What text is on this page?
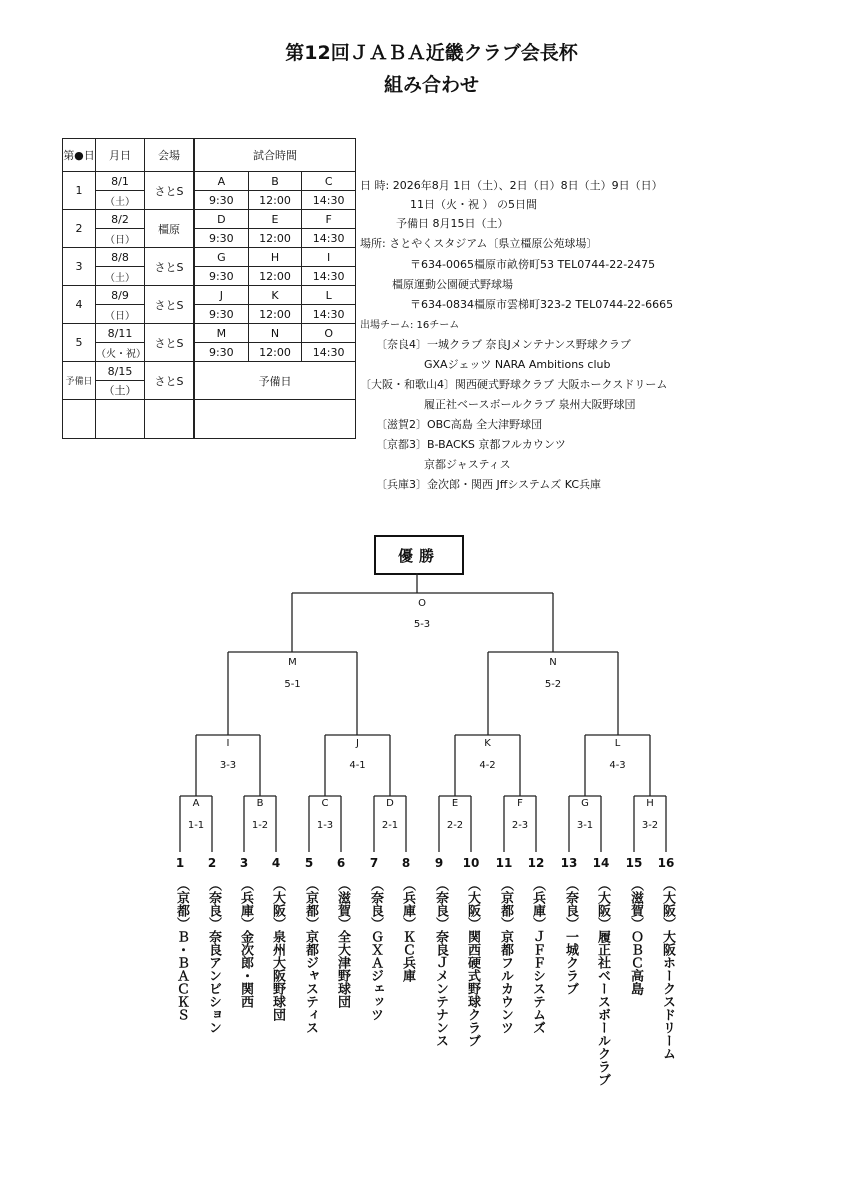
第12回ＪＡＢＡ近畿クラブ会長杯
組み合わせ
第●日	月日	会場	試合時間		
1	8/1	さとS	A	B	C
	（土）		9:30	12:00	14:30
2	8/2	橿原	D	E	F
	（日）		9:30	12:00	14:30
3	8/8	さとS	G	H	I
	（土）		9:30	12:00	14:30
4	8/9	さとS	J	K	L
	（日）		9:30	12:00	14:30
5	8/11	さとS	M	N	O
	（火・祝）		9:30	12:00	14:30
予備日	8/15	さとS	予備日		
	（土）				

日 時: 2026年8月 1日（土）、2日（日）8日（土）9日（日）
11日（火・祝 ） の5日間
予備日 8月15日（土）
場所: さとやくスタジアム〔県立橿原公苑球場〕
〒634-0065橿原市畝傍町53 TEL0744-22-2475
橿原運動公園硬式野球場
〒634-0834橿原市雲梯町323-2 TEL0744-22-6665
出場チーム: 16チーム
〔奈良4〕一城クラブ 奈良Jメンテナンス野球クラブ
GXAジェッツ NARA Ambitions club
〔大阪・和歌山4〕関西硬式野球クラブ 大阪ホークスドリーム
履正社ベースボールクラブ 泉州大阪野球団
〔滋賀2〕OBC高島 全大津野球団
〔京都3〕B-BACKS 京都フルカウンツ
京都ジャスティス
〔兵庫3〕金次郎・関西 Jffシステムズ KC兵庫
優勝
A
1-1
B
1-2
C
1-3
D
2-1
E
2-2
F
2-3
G
3-1
H
3-2
I
3-3
J
4-1
K
4-2
L
4-3
M
5-1
N
5-2
O
5-3
1
（京都）Ｂ・ＢＡＣＫＳ
2
（奈良）奈良アンビション
3
（兵庫）金次郎・関西
4
（大阪）泉州大阪野球団
5
（京都）京都ジャスティス
6
（滋賀）全大津野球団
7
（奈良）ＧＸＡジェッツ
8
（兵庫）ＫＣ兵庫
9
（奈良）奈良Ｊメンテナンス
10
（大阪）関西硬式野球クラブ
11
（京都）京都フルカウンツ
12
（兵庫）ＪＦＦシステムズ
13
（奈良）一城クラブ
14
（大阪）履正社ベースボールクラブ
15
（滋賀）ＯＢＣ高島
16
（大阪）大阪ホークスドリーム
